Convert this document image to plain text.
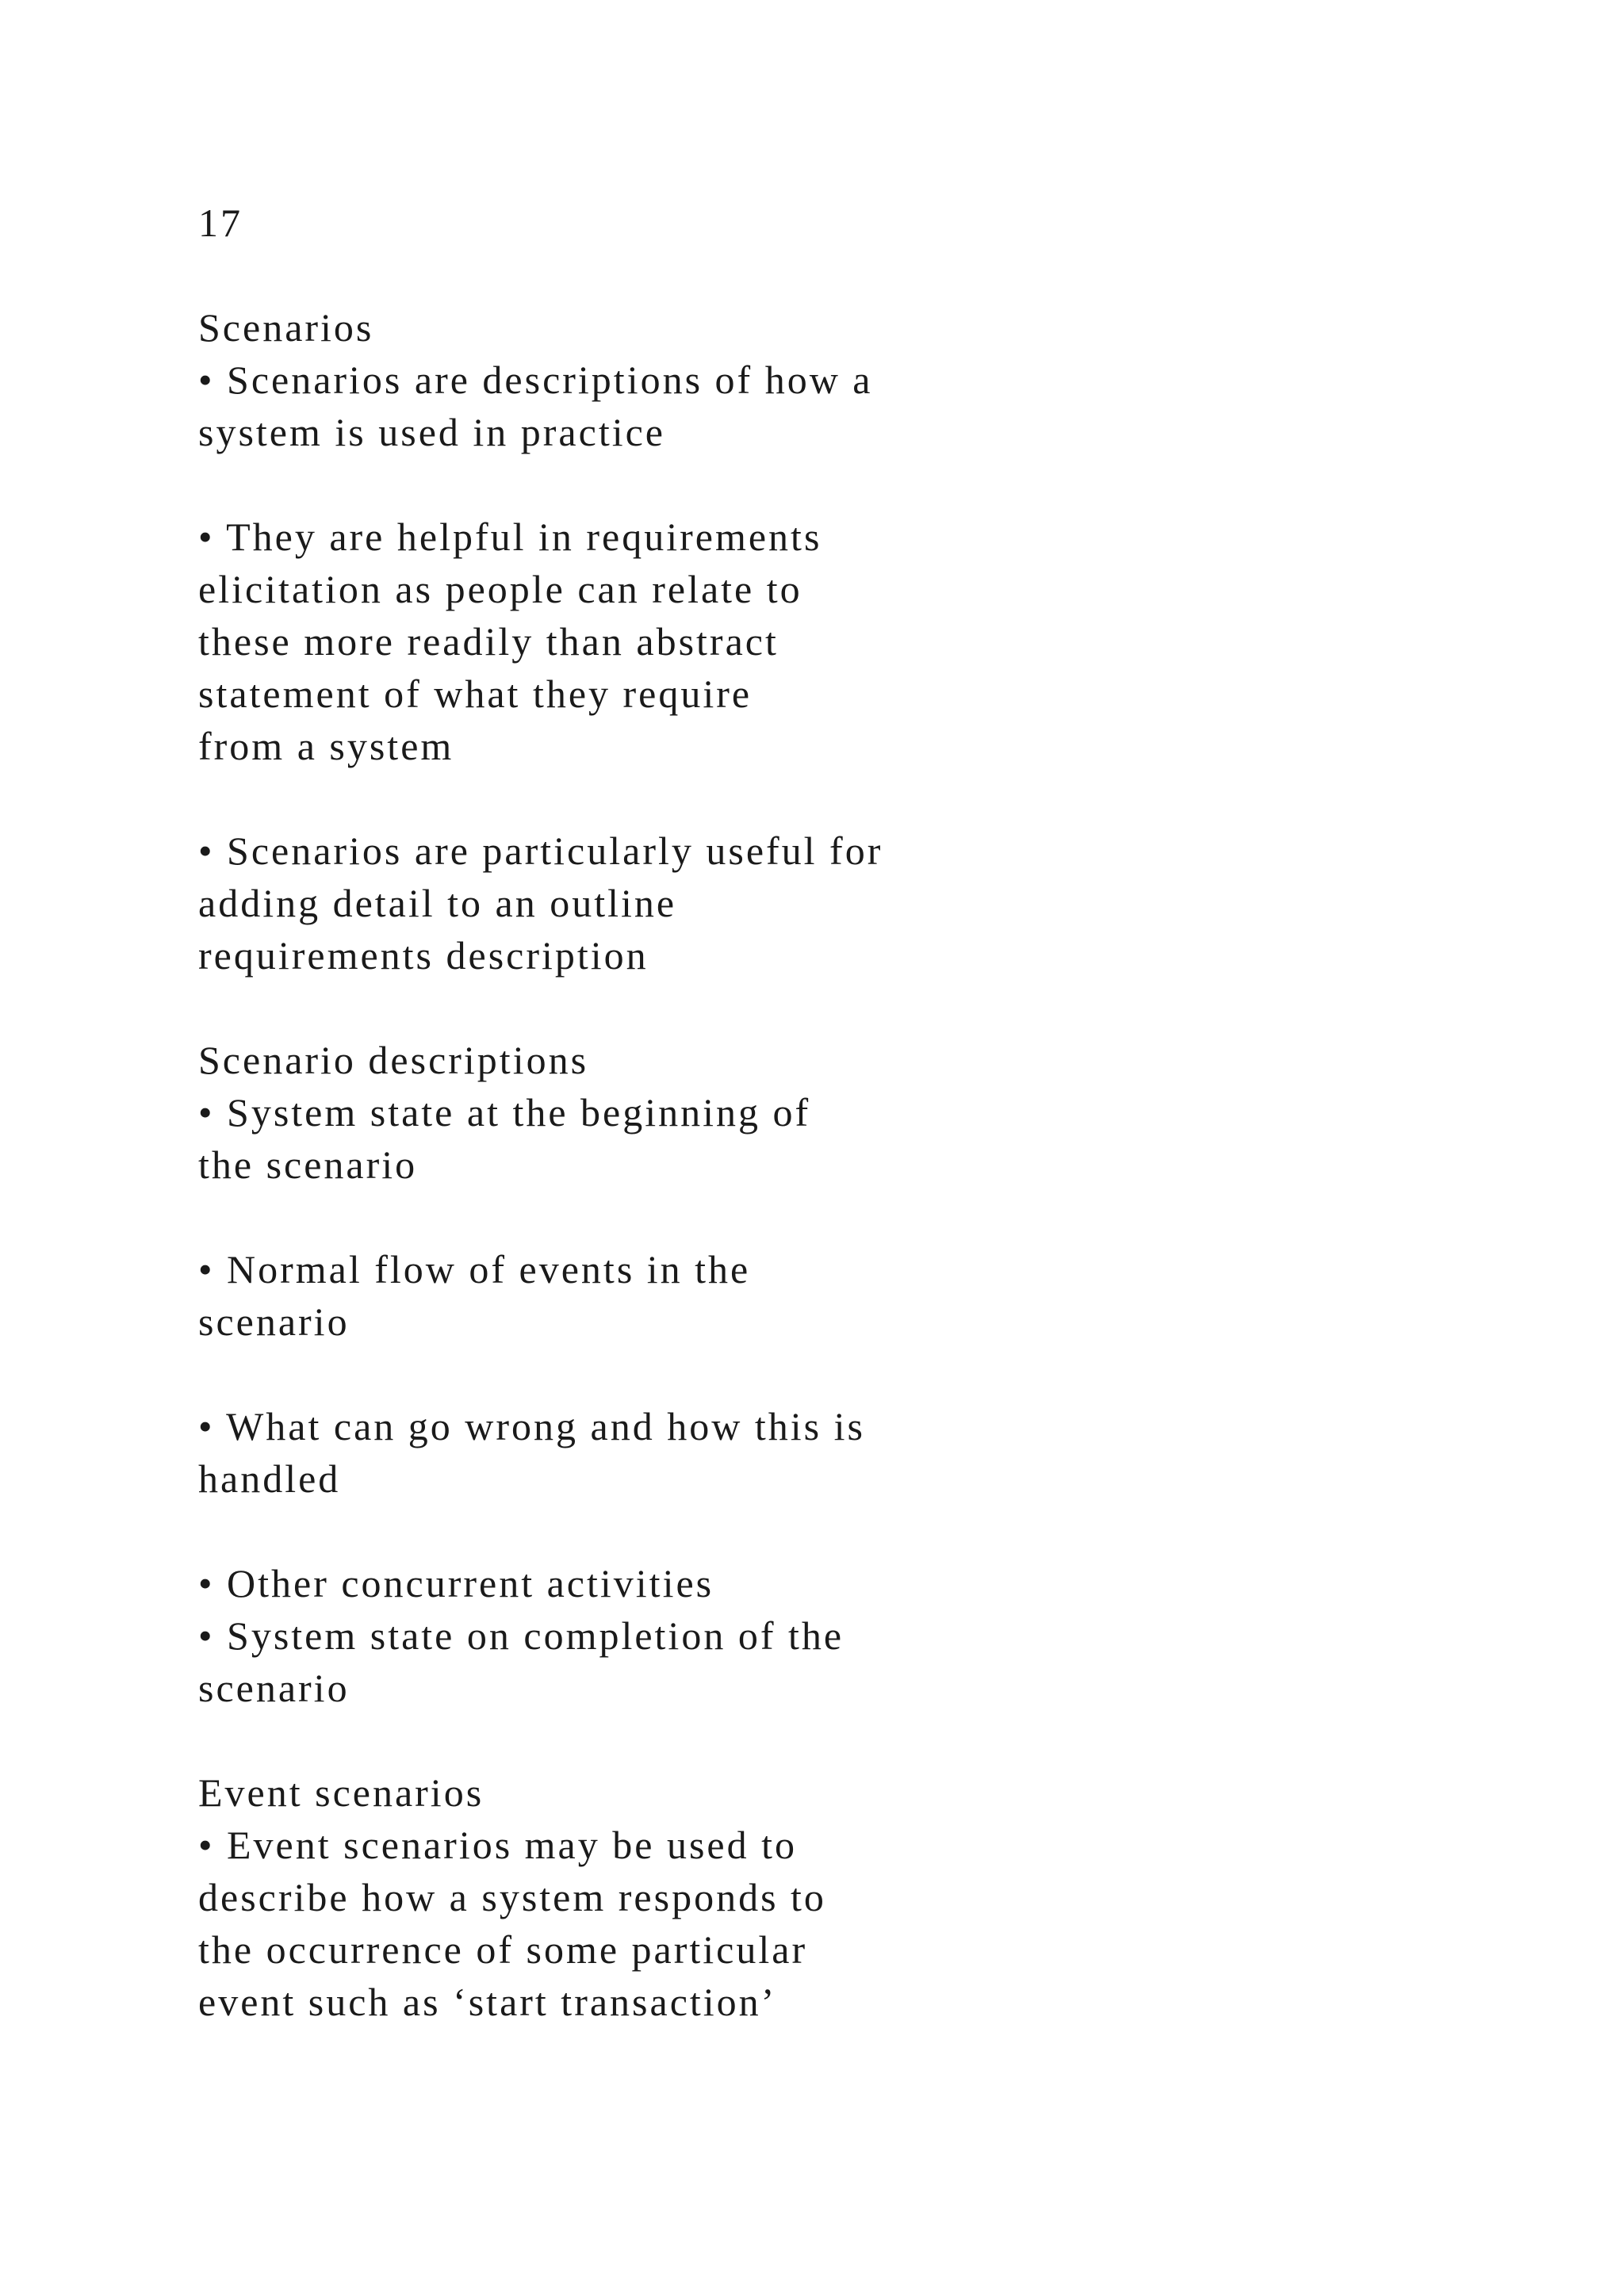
17
Scenarios
• Scenarios are descriptions of how a
system is used in practice
• They are helpful in requirements
elicitation as people can relate to
these more readily than abstract
statement of what they require
from a system
• Scenarios are particularly useful for
adding detail to an outline
requirements description
Scenario descriptions
• System state at the beginning of
the scenario
• Normal flow of events in the
scenario
• What can go wrong and how this is
handled
• Other concurrent activities
• System state on completion of the
scenario
Event scenarios
• Event scenarios may be used to
describe how a system responds to
the occurrence of some particular
event such as ‘start transaction’
